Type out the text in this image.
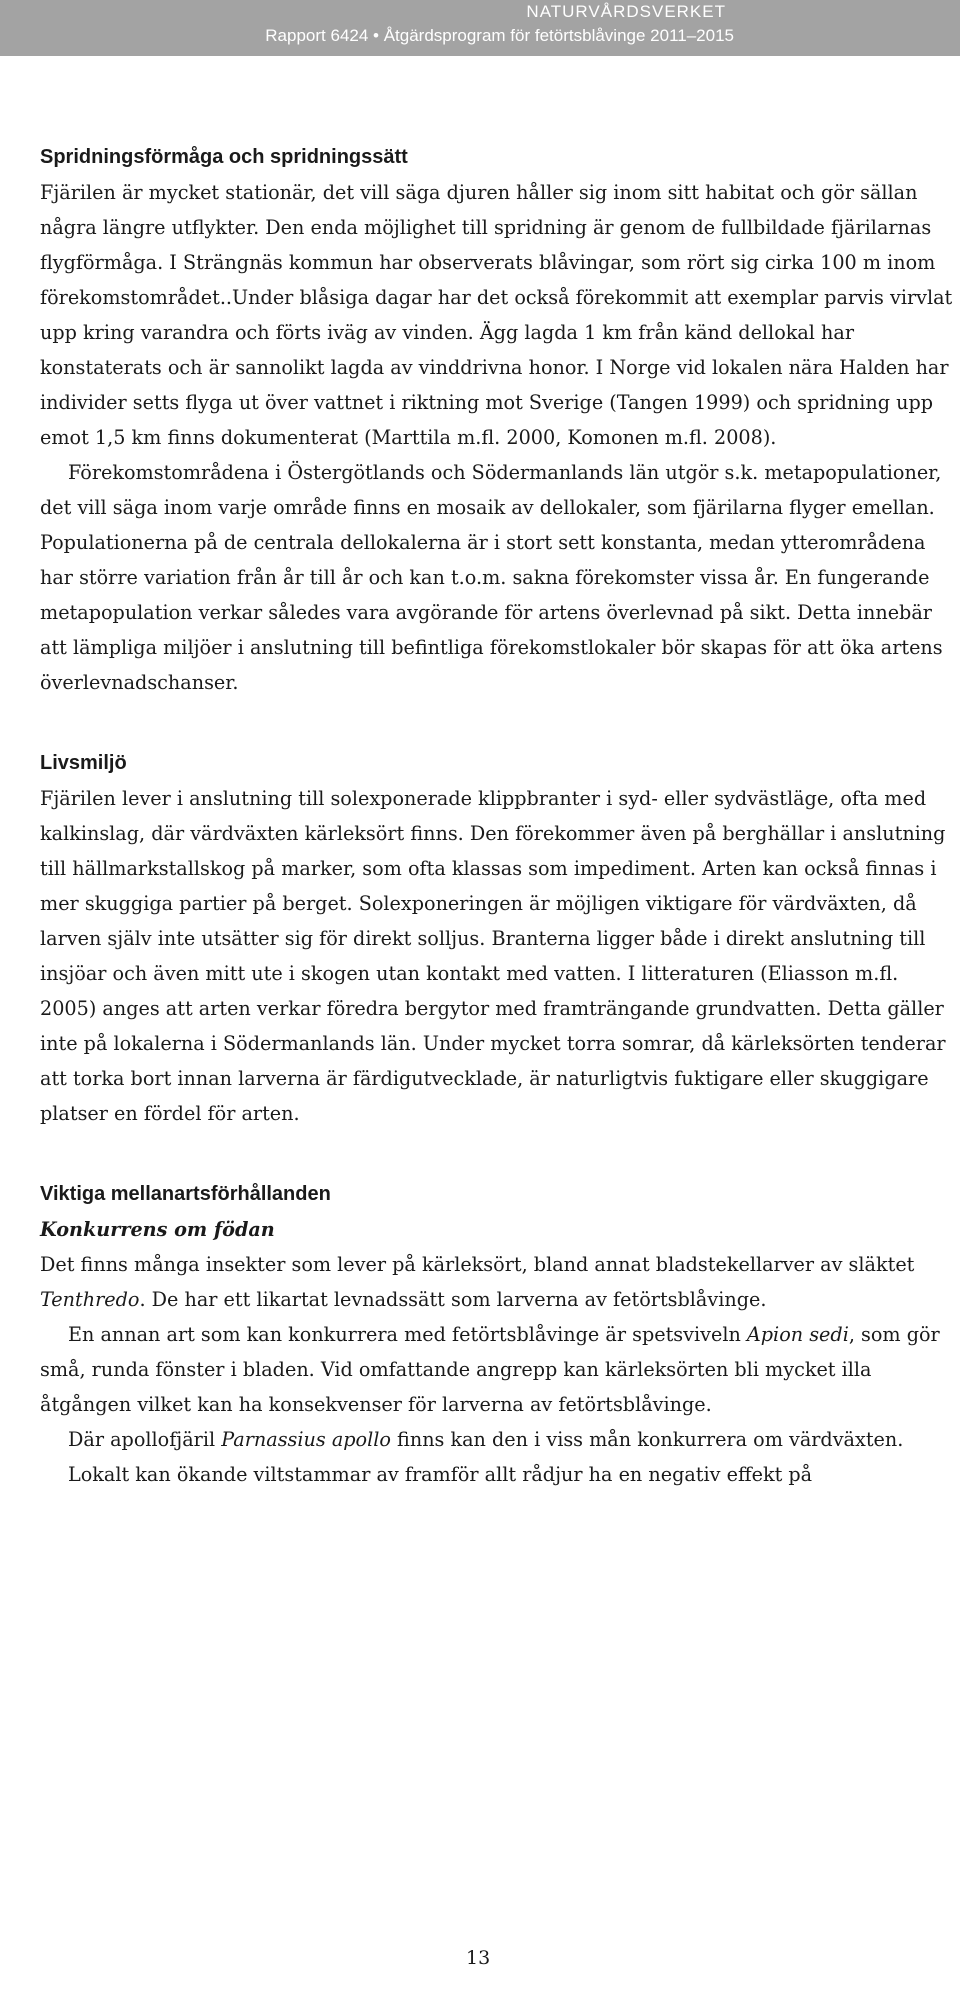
NATURVÅRDSVERKET
Rapport 6424 • Åtgärdsprogram för fetörtsblåvinge 2011–2015
Spridningsförmåga och spridningssätt

Fjärilen är mycket stationär, det vill säga djuren håller sig inom sitt habitat och gör sällan några längre utflykter. Den enda möjlighet till spridning är genom de fullbildade fjärilarnas flygförmåga. I Strängnäs kommun har observerats blåvingar, som rört sig cirka 100 m inom förekomstområdet..Under blåsiga dagar har det också förekommit att exemplar parvis virvlat upp kring varandra och förts iväg av vinden. Ägg lagda 1 km från känd dellokal har konstaterats och är sannolikt lagda av vinddrivna honor. I Norge vid lokalen nära Halden har individer setts flyga ut över vattnet i riktning mot Sverige (Tangen 1999) och spridning upp emot 1,5 km finns dokumenterat (Marttila m.fl. 2000, Komonen m.fl. 2008).

Förekomstområdena i Östergötlands och Södermanlands län utgör s.k. metapopulationer, det vill säga inom varje område finns en mosaik av dellokaler, som fjärilarna flyger emellan. Populationerna på de centrala dellokalerna är i stort sett konstanta, medan ytterområdena har större variation från år till år och kan t.o.m. sakna förekomster vissa år. En fungerande metapopulation verkar således vara avgörande för artens överlevnad på sikt. Detta innebär att lämpliga miljöer i anslutning till befintliga förekomstlokaler bör skapas för att öka artens överlevnadschanser.

Livsmiljö

Fjärilen lever i anslutning till solexponerade klippbranter i syd- eller sydvästläge, ofta med kalkinslag, där värdväxten kärleksört finns. Den förekommer även på berghällar i anslutning till hällmarkstallskog på marker, som ofta klassas som impediment. Arten kan också finnas i mer skuggiga partier på berget. Solexponeringen är möjligen viktigare för värdväxten, då larven själv inte utsätter sig för direkt solljus. Branterna ligger både i direkt anslutning till insjöar och även mitt ute i skogen utan kontakt med vatten. I litteraturen (Eliasson m.fl. 2005) anges att arten verkar föredra bergytor med framträngande grundvatten. Detta gäller inte på lokalerna i Södermanlands län. Under mycket torra somrar, då kärleksörten tenderar att torka bort innan larverna är färdigutvecklade, är naturligtvis fuktigare eller skuggigare platser en fördel för arten.

Viktiga mellanartsförhållanden
Konkurrens om födan

Det finns många insekter som lever på kärleksört, bland annat bladstekellarver av släktet Tenthredo. De har ett likartat levnadssätt som larverna av fetörtsblåvinge.

En annan art som kan konkurrera med fetörtsblåvinge är spetsviveln Apion sedi, som gör små, runda fönster i bladen. Vid omfattande angrepp kan kärleksörten bli mycket illa åtgången vilket kan ha konsekvenser för larverna av fetörtsblåvinge.

Där apollofjäril Parnassius apollo finns kan den i viss mån konkurrera om värdväxten.

Lokalt kan ökande viltstammar av framför allt rådjur ha en negativ effekt på

13
